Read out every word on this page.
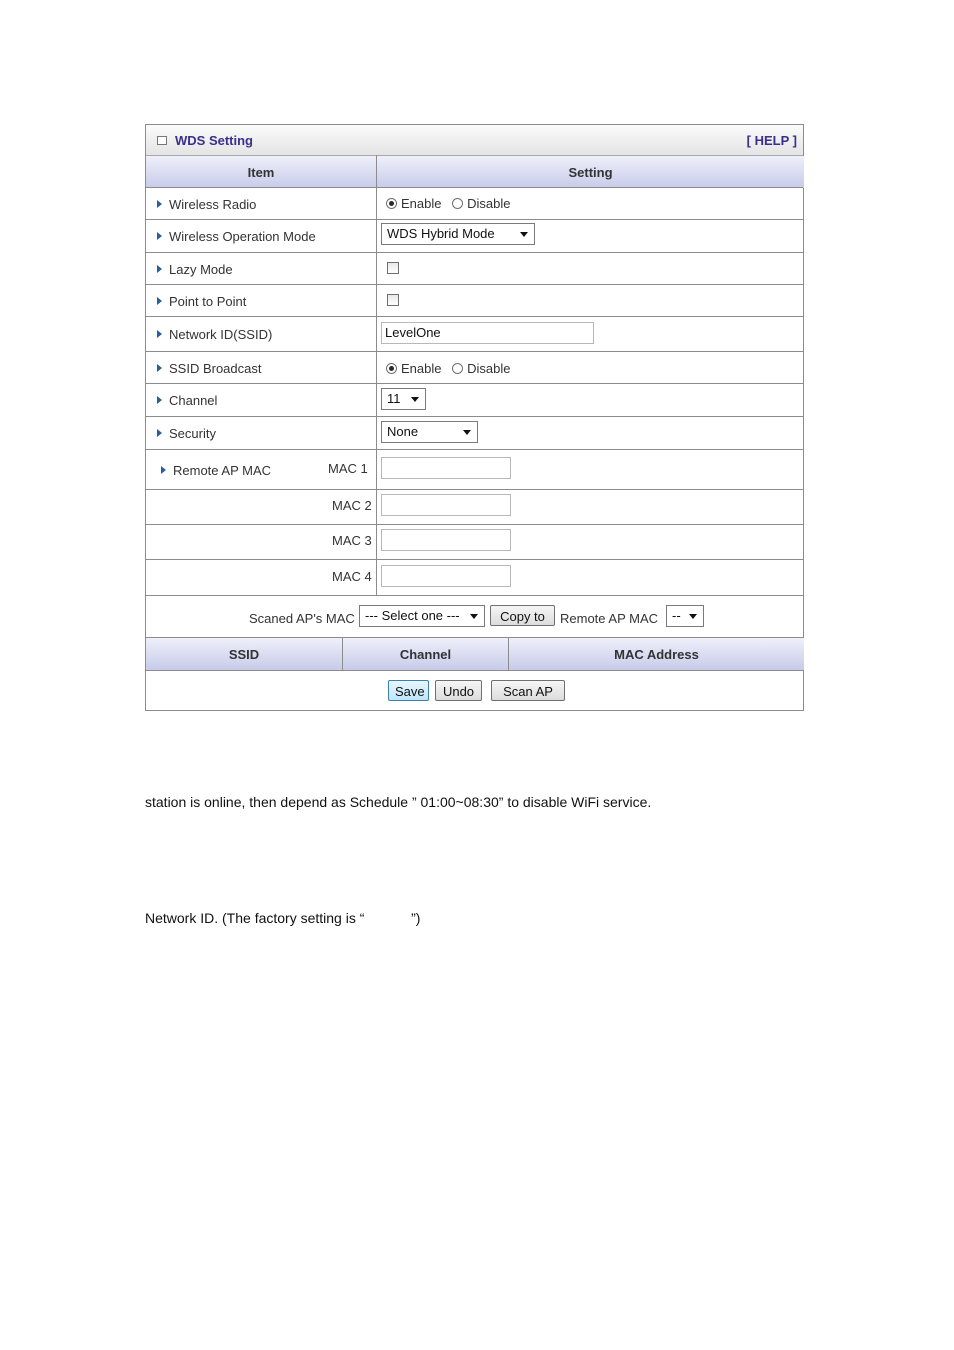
WDS Setting	[ HELP ]
Item	Setting
Wireless Radio	Enable Disable
Wireless Operation Mode	WDS Hybrid Mode
Lazy Mode
Point to Point
Network ID(SSID)	LevelOne
SSID Broadcast	Enable Disable
Channel	11
Security	None
Remote AP MAC	MAC 1
MAC 2
MAC 3
MAC 4
Scaned AP's MAC --- Select one ---	Copy to	Remote AP MAC	--
SSID	Channel	MAC Address
Save	Undo	Scan AP
station is online, then depend as Schedule ” 01:00~08:30” to disable WiFi service.
Network ID. (The factory setting is “            ”)
